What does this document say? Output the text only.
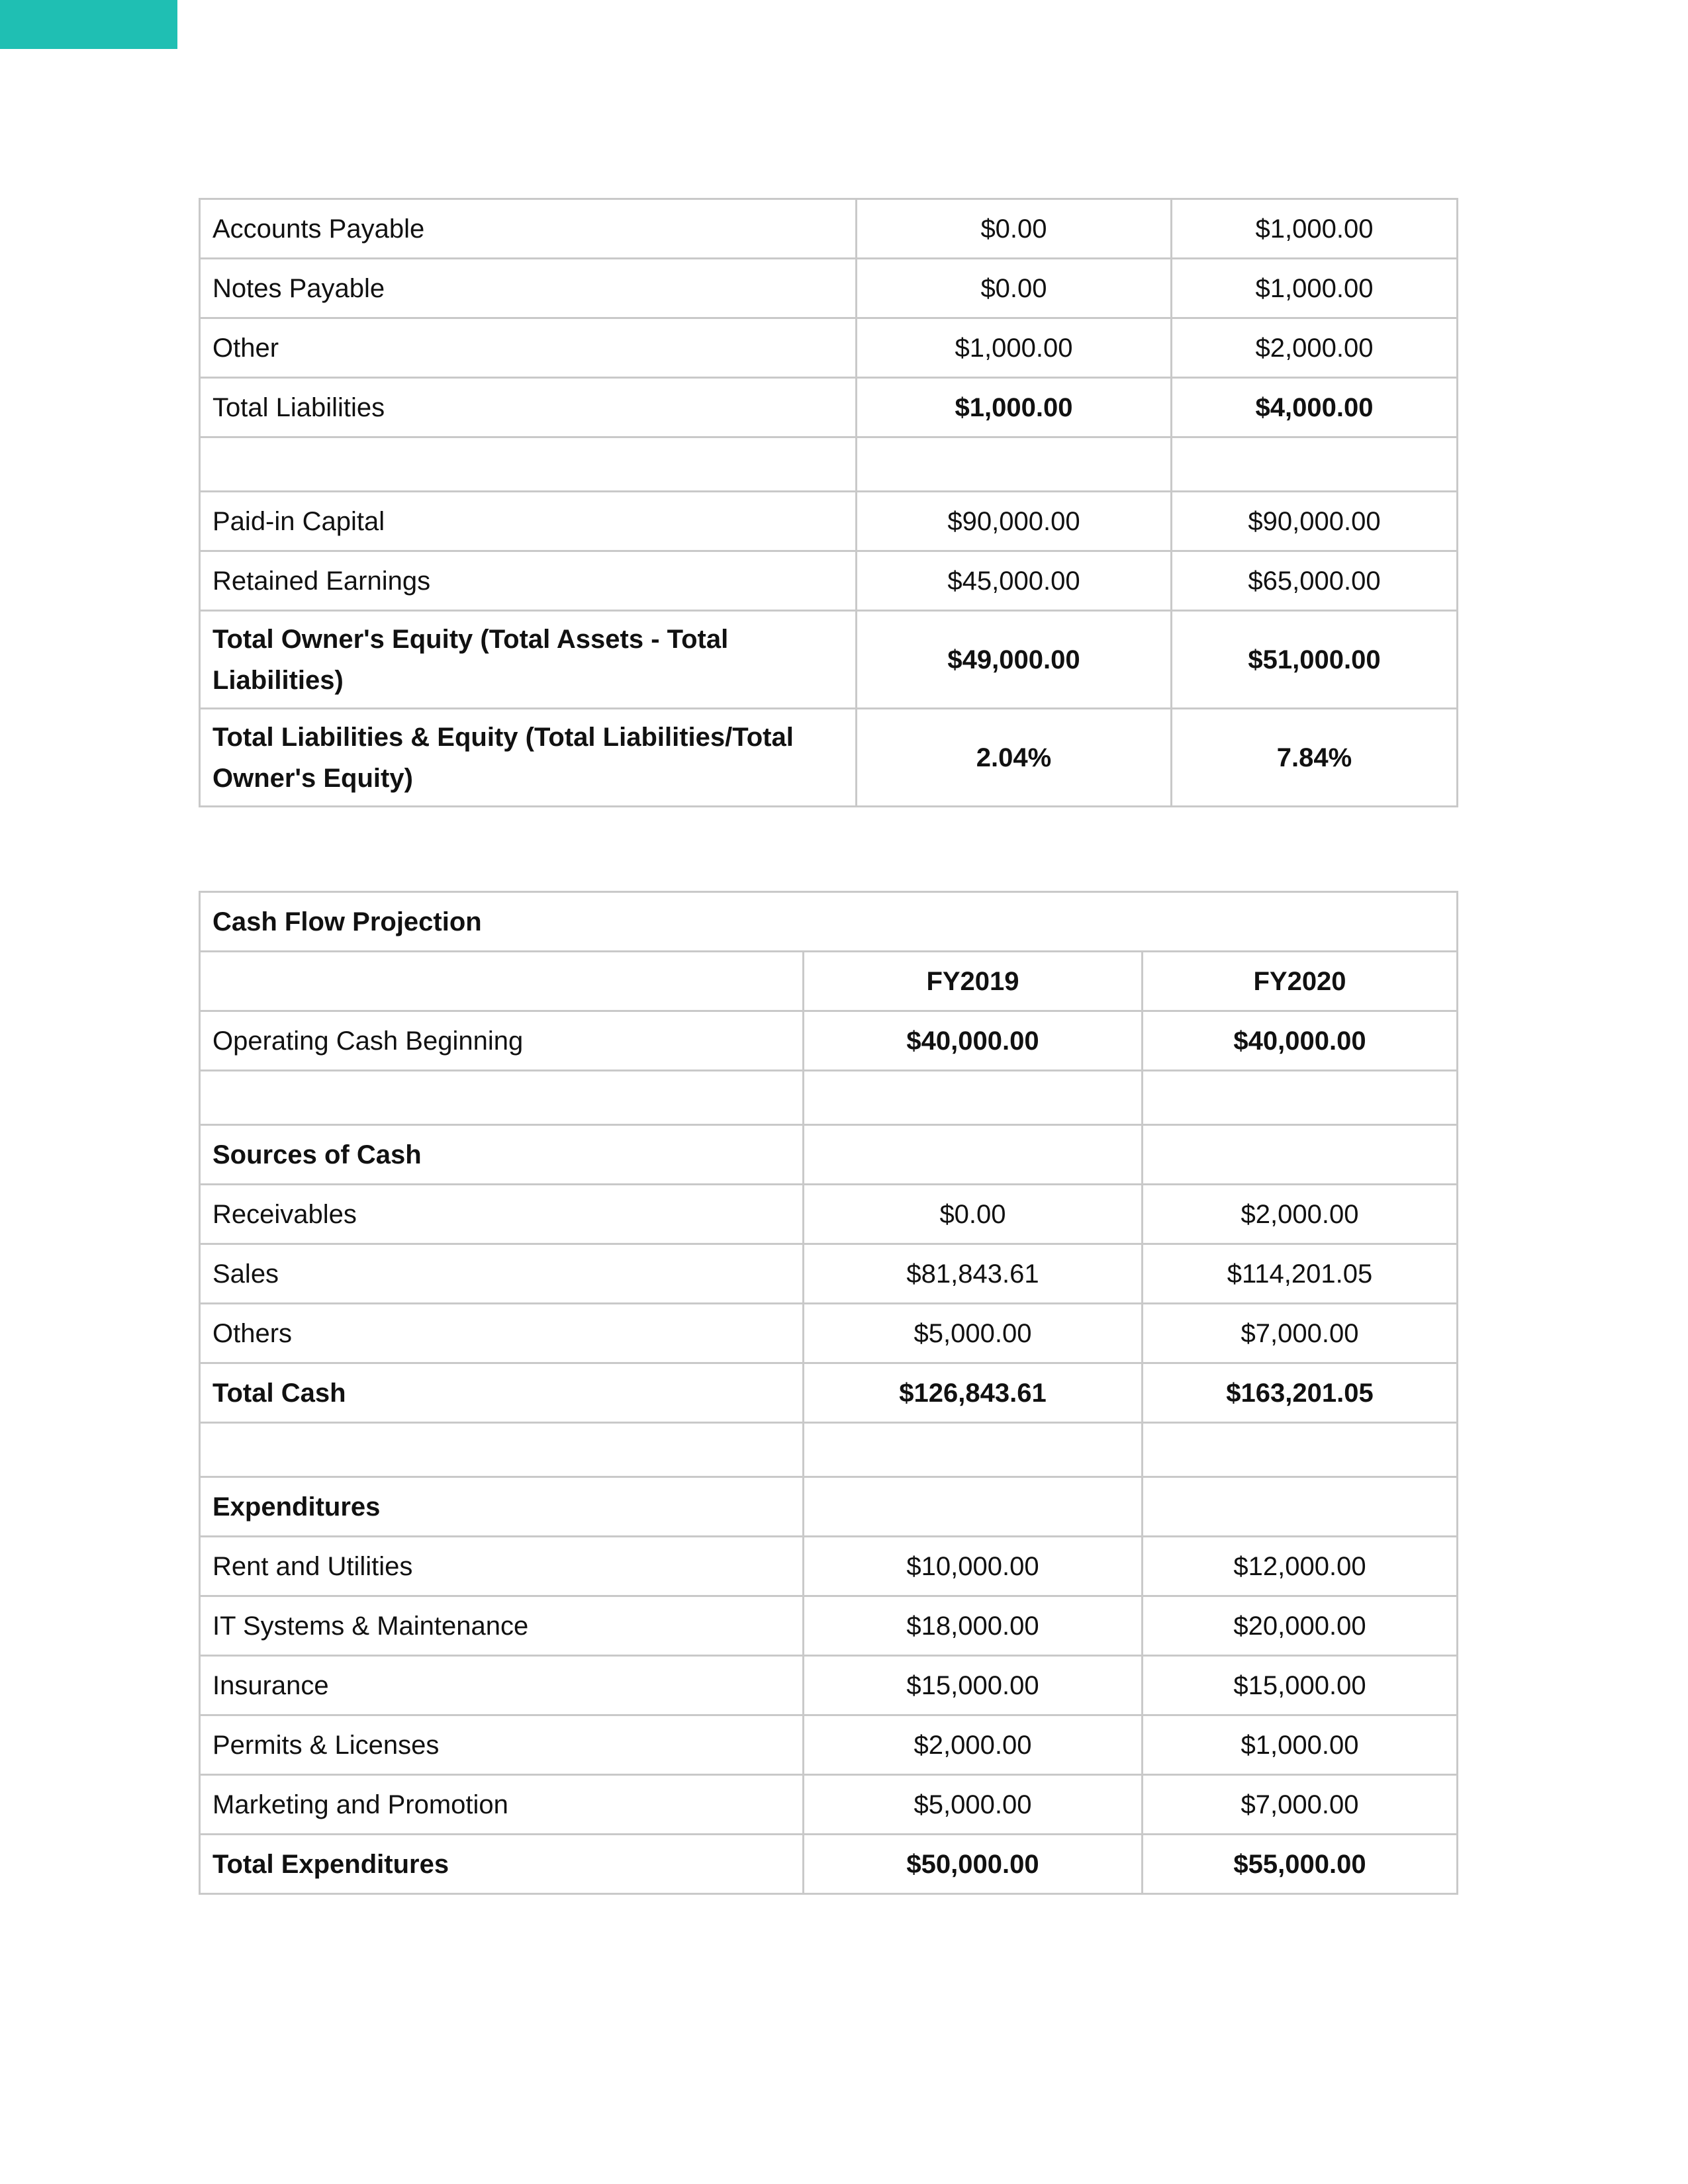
Accounts Payable	$0.00	$1,000.00
Notes Payable	$0.00	$1,000.00
Other	$1,000.00	$2,000.00
Total Liabilities	$1,000.00	$4,000.00

Paid-in Capital	$90,000.00	$90,000.00
Retained Earnings	$45,000.00	$65,000.00
Total Owner's Equity (Total Assets - Total Liabilities)	$49,000.00	$51,000.00
Total Liabilities & Equity (Total Liabilities/Total Owner's Equity)	2.04%	7.84%
Cash Flow Projection		
	FY2019	FY2020
Operating Cash Beginning	$40,000.00	$40,000.00

Sources of Cash		
Receivables	$0.00	$2,000.00
Sales	$81,843.61	$114,201.05
Others	$5,000.00	$7,000.00
Total Cash	$126,843.61	$163,201.05

Expenditures		
Rent and Utilities	$10,000.00	$12,000.00
IT Systems & Maintenance	$18,000.00	$20,000.00
Insurance	$15,000.00	$15,000.00
Permits & Licenses	$2,000.00	$1,000.00
Marketing and Promotion	$5,000.00	$7,000.00
Total Expenditures	$50,000.00	$55,000.00
